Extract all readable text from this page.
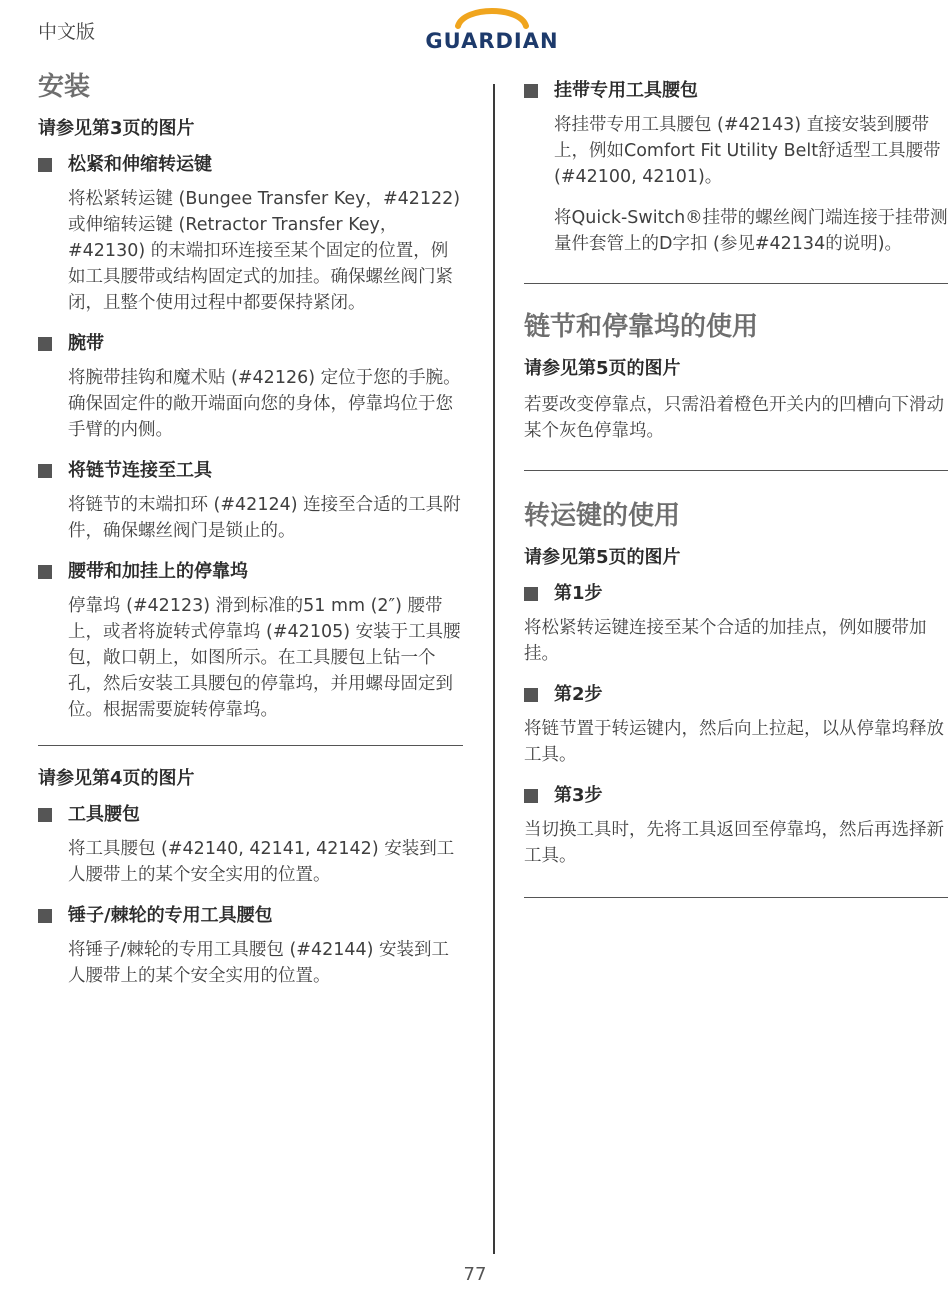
中文版	GUARDIAN
安装
请参见第3页的图片
松紧和伸缩转运键
将松紧转运键 (Bungee Transfer Key，#42122) 或伸缩转运键 (Retractor Transfer Key，#42130) 的末端扣环连接至某个固定的位置，例如工具腰带或结构固定式的加挂。确保螺丝阀门紧闭，且整个使用过程中都要保持紧闭。
腕带
将腕带挂钩和魔术贴 (#42126) 定位于您的手腕。确保固定件的敞开端面向您的身体，停靠坞位于您手臂的内侧。
将链节连接至工具
将链节的末端扣环 (#42124) 连接至合适的工具附件，确保螺丝阀门是锁止的。
腰带和加挂上的停靠坞
停靠坞 (#42123) 滑到标准的51 mm (2″) 腰带上，或者将旋转式停靠坞 (#42105) 安装于工具腰包，敞口朝上，如图所示。在工具腰包上钻一个孔，然后安装工具腰包的停靠坞，并用螺母固定到位。根据需要旋转停靠坞。
请参见第4页的图片
工具腰包
将工具腰包 (#42140, 42141, 42142) 安装到工人腰带上的某个安全实用的位置。
锤子/棘轮的专用工具腰包
将锤子/棘轮的专用工具腰包 (#42144) 安装到工人腰带上的某个安全实用的位置。
挂带专用工具腰包
将挂带专用工具腰包 (#42143) 直接安装到腰带上，例如Comfort Fit Utility Belt舒适型工具腰带 (#42100, 42101)。
将Quick-Switch®挂带的螺丝阀门端连接于挂带测量件套管上的D字扣 (参见#42134的说明)。
链节和停靠坞的使用
请参见第5页的图片
若要改变停靠点，只需沿着橙色开关内的凹槽向下滑动某个灰色停靠坞。
转运键的使用
请参见第5页的图片
第1步
将松紧转运键连接至某个合适的加挂点，例如腰带加挂。
第2步
将链节置于转运键内，然后向上拉起，以从停靠坞释放工具。
第3步
当切换工具时，先将工具返回至停靠坞，然后再选择新工具。
77
